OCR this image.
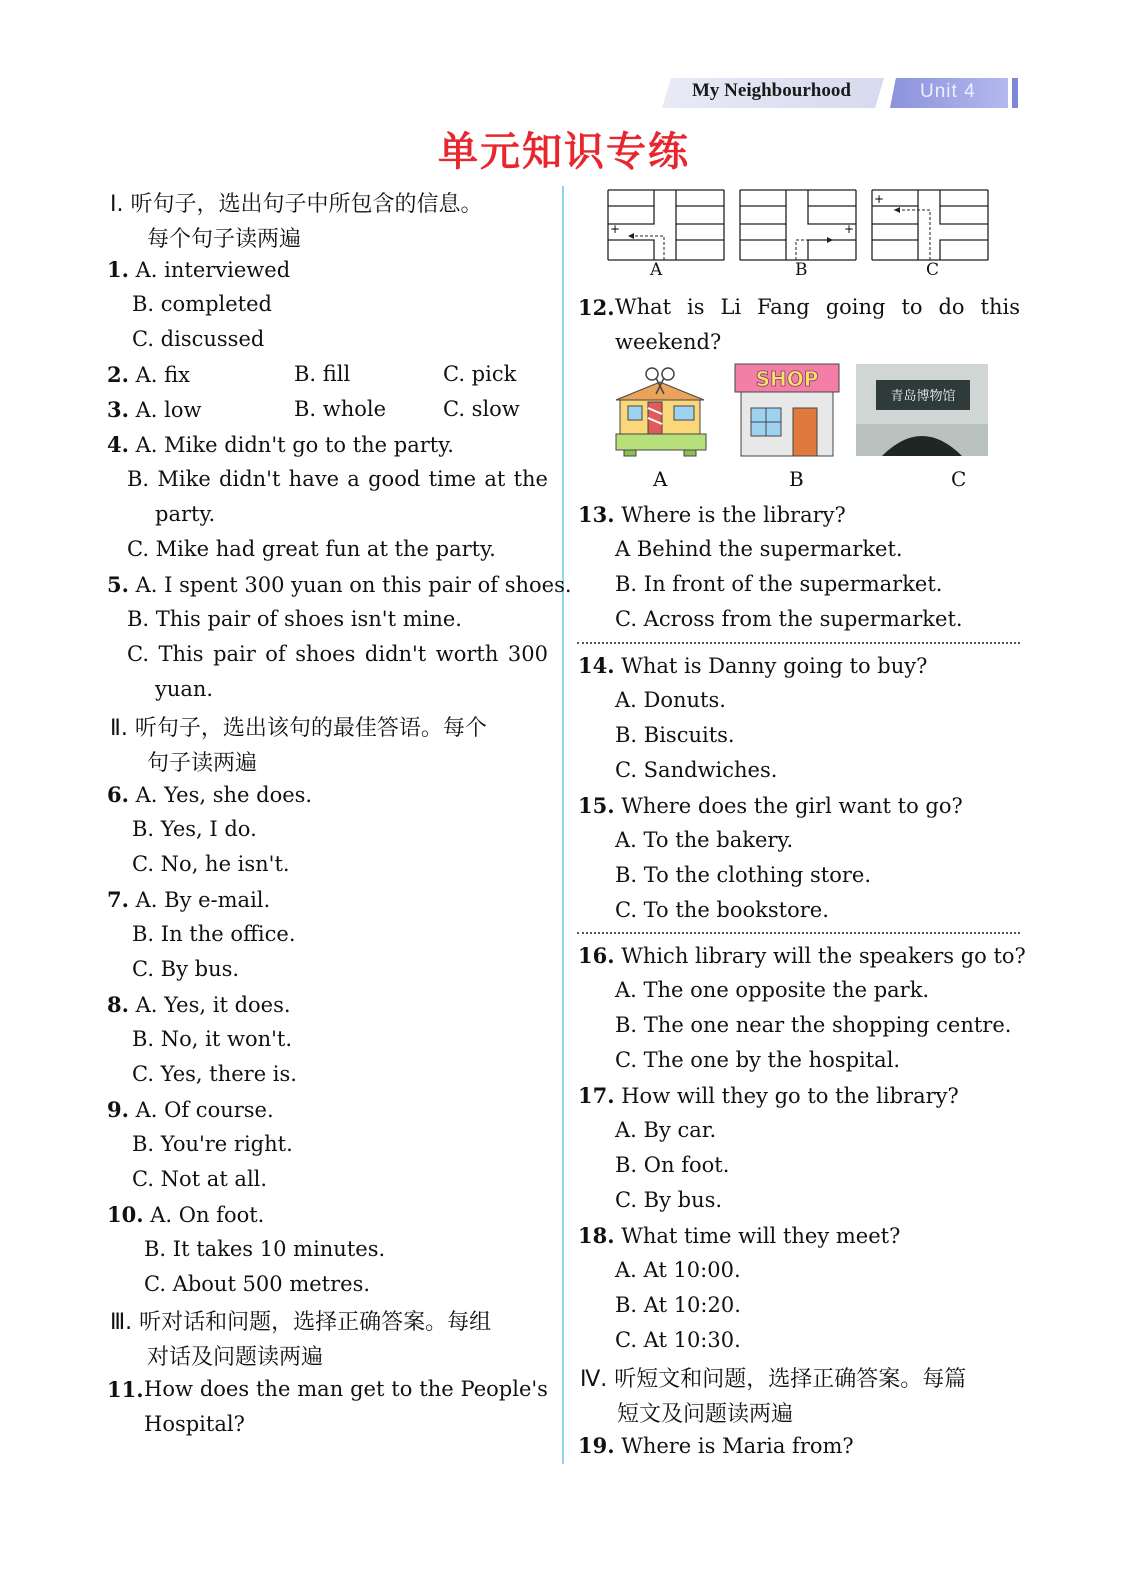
My Neighbourhood	Unit 4
单元知识专练
Ⅰ. 听句子，选出句子中所包含的信息。
每个句子读两遍
1. A. interviewed
B. completed
C. discussed
2. A. fix	B. fill	C. pick
3. A. low	B. whole	C. slow
4. A. Mike didn't go to the party.
B. Mike didn't have a good time at the
party.
C. Mike had great fun at the party.
5. A. I spent 300 yuan on this pair of shoes.
B. This pair of shoes isn't mine.
C. This pair of shoes didn't worth 300
yuan.
Ⅱ. 听句子，选出该句的最佳答语。每个
句子读两遍
6. A. Yes, she does.
B. Yes, I do.
C. No, he isn't.
7. A. By e-mail.
B. In the office.
C. By bus.
8. A. Yes, it does.
B. No, it won't.
C. Yes, there is.
9. A. Of course.
B. You're right.
C. Not at all.
10. A. On foot.
B. It takes 10 minutes.
C. About 500 metres.
Ⅲ. 听对话和问题，选择正确答案。每组
对话及问题读两遍
11. How does the man get to the People's
Hospital?
+
A
+
B
+
C
12. What is Li Fang going to do this
weekend?
A
SHOP
B
青岛博物馆
C
13. Where is the library?
A Behind the supermarket.
B. In front of the supermarket.
C. Across from the supermarket.
14. What is Danny going to buy?
A. Donuts.
B. Biscuits.
C. Sandwiches.
15. Where does the girl want to go?
A. To the bakery.
B. To the clothing store.
C. To the bookstore.
16. Which library will the speakers go to?
A. The one opposite the park.
B. The one near the shopping centre.
C. The one by the hospital.
17. How will they go to the library?
A. By car.
B. On foot.
C. By bus.
18. What time will they meet?
A. At 10:00.
B. At 10:20.
C. At 10:30.
Ⅳ. 听短文和问题，选择正确答案。每篇
短文及问题读两遍
19. Where is Maria from?
